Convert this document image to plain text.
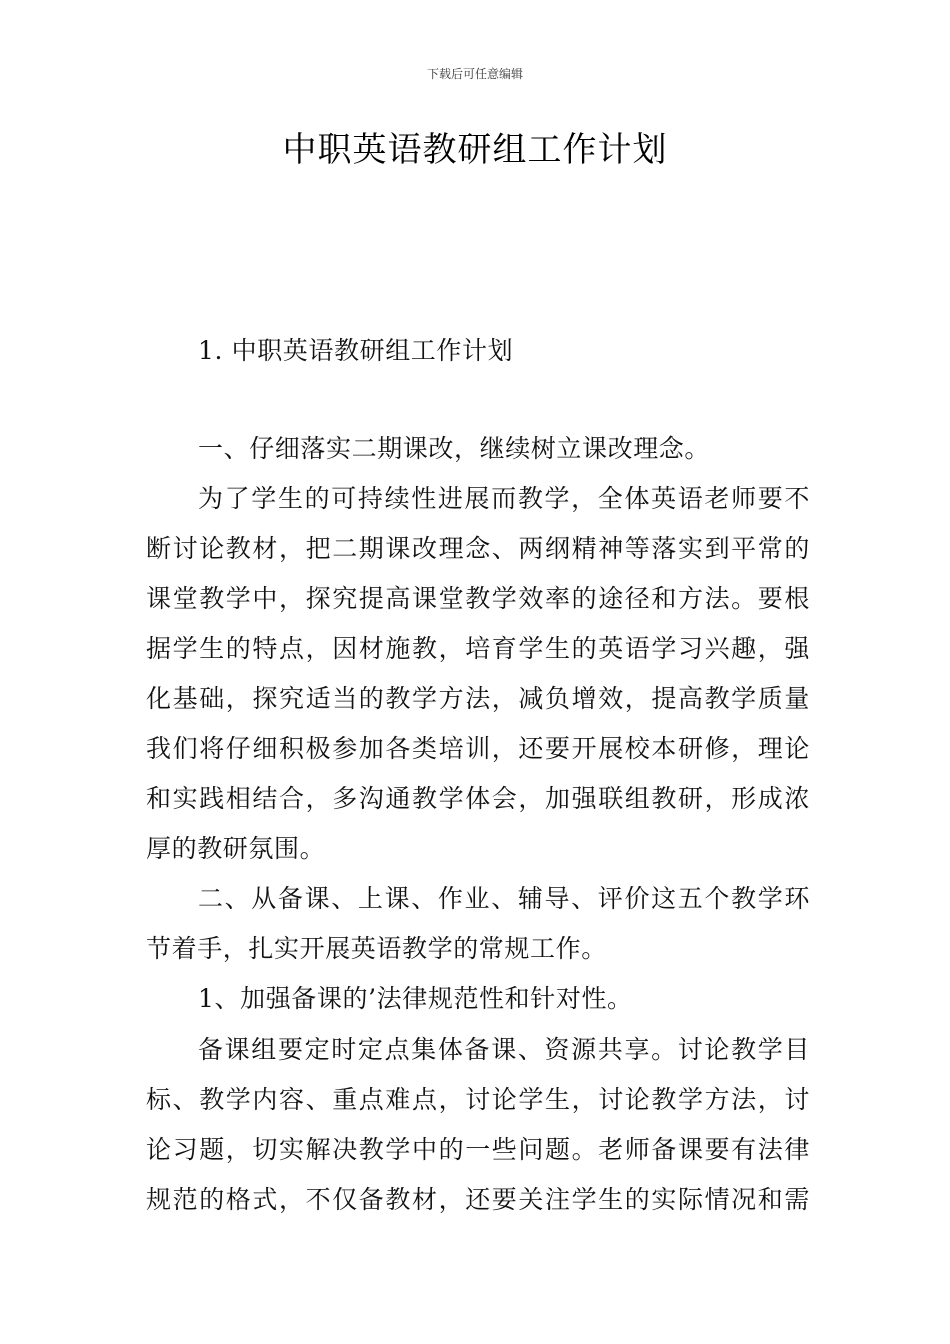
下载后可任意编辑
中职英语教研组工作计划
1. 中职英语教研组工作计划
一、仔细落实二期课改，继续树立课改理念。
为了学生的可持续性进展而教学，全体英语老师要不
断讨论教材，把二期课改理念、两纲精神等落实到平常的
课堂教学中，探究提高课堂教学效率的途径和方法。要根
据学生的特点，因材施教，培育学生的英语学习兴趣，强
化基础，探究适当的教学方法，减负增效，提高教学质量
我们将仔细积极参加各类培训，还要开展校本研修，理论
和实践相结合，多沟通教学体会，加强联组教研，形成浓
厚的教研氛围。
二、从备课、上课、作业、辅导、评价这五个教学环
节着手，扎实开展英语教学的常规工作。
1、加强备课的’法律规范性和针对性。
备课组要定时定点集体备课、资源共享。讨论教学目
标、教学内容、重点难点，讨论学生，讨论教学方法，讨
论习题，切实解决教学中的一些问题。老师备课要有法律
规范的格式，不仅备教材，还要关注学生的实际情况和需
